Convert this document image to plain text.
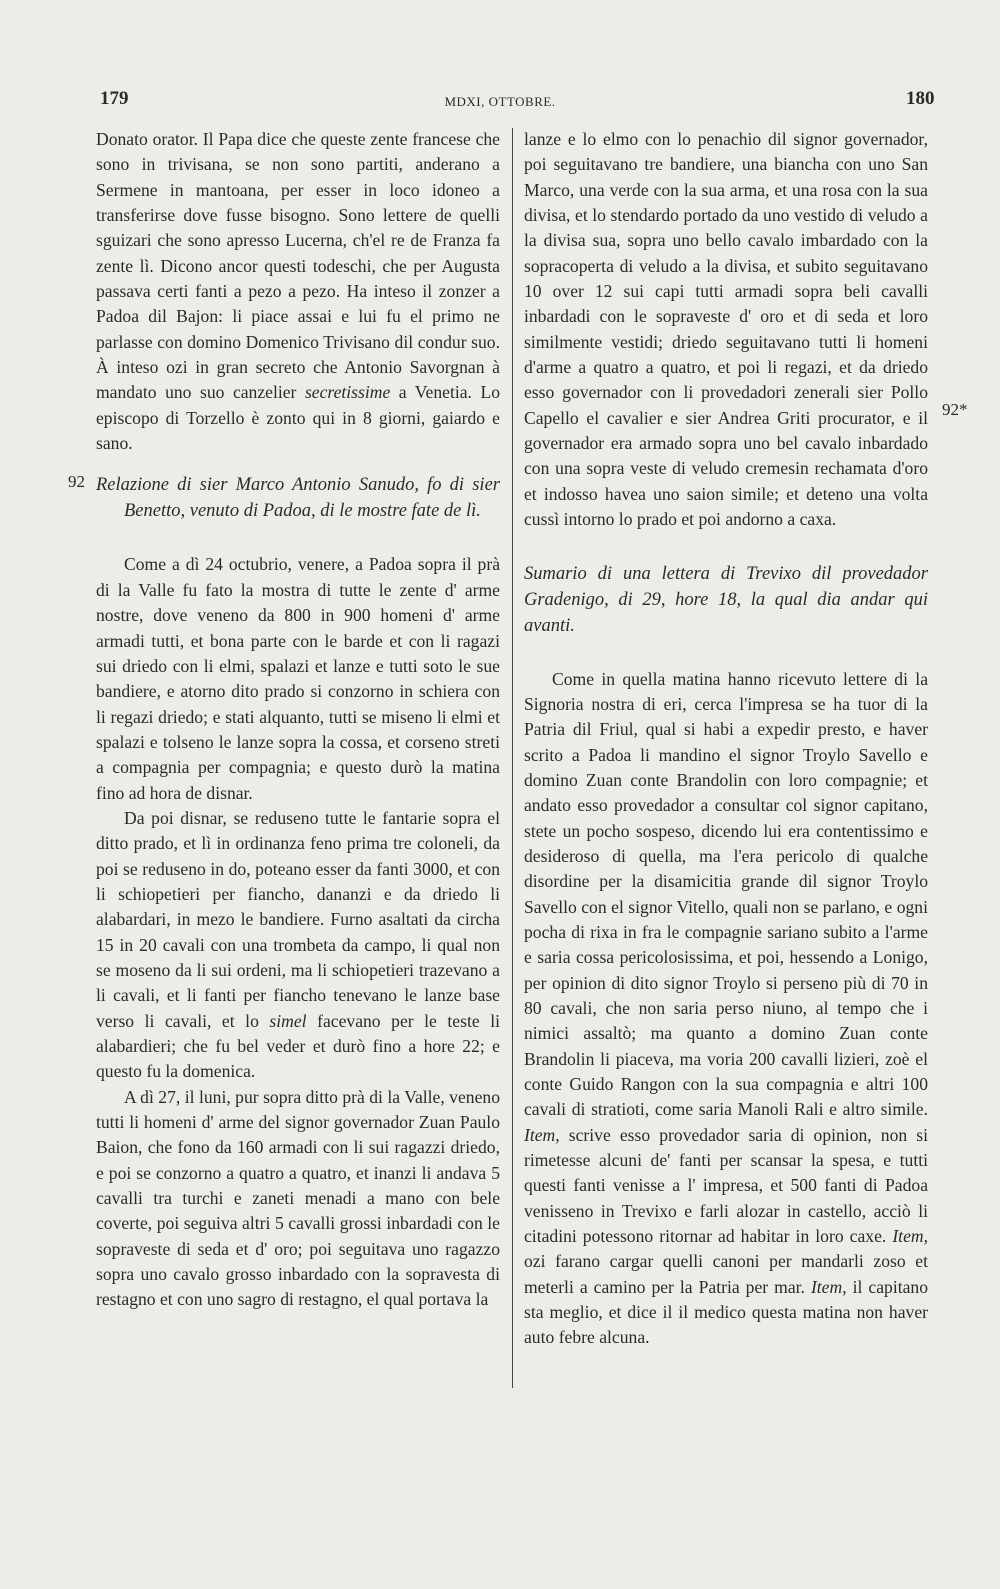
179	MDXI, OTTOBRE.	180
92
92*

Donato orator. Il Papa dice che queste zente francese che sono in trivisana, se non sono partiti, anderano a Sermene in mantoana, per esser in loco idoneo a transferirse dove fusse bisogno. Sono lettere de quelli sguizari che sono apresso Lucerna, ch'el re de Franza fa zente lì. Dicono ancor questi todeschi, che per Augusta passava certi fanti a pezo a pezo. Ha inteso il zonzer a Padoa dil Bajon: li piace assai e lui fu el primo ne parlasse con domino Domenico Trivisano dil condur suo. À inteso ozi in gran secreto che Antonio Savorgnan à mandato uno suo canzelier secretissime a Venetia. Lo episcopo di Torzello è zonto qui in 8 giorni, gaiardo e sano.

Relazione di sier Marco Antonio Sanudo, fo di sier Benetto, venuto di Padoa, di le mostre fate de lì.

Come a dì 24 octubrio, venere, a Padoa sopra il prà di la Valle fu fato la mostra di tutte le zente d' arme nostre, dove veneno da 800 in 900 homeni d' arme armadi tutti, et bona parte con le barde et con li ragazi sui driedo con li elmi, spalazi et lanze e tutti soto le sue bandiere, e atorno dito prado si conzorno in schiera con li regazi driedo; e stati alquanto, tutti se miseno li elmi et spalazi e tolseno le lanze sopra la cossa, et corseno streti a compagnia per compagnia; e questo durò la matina fino ad hora de disnar.

Da poi disnar, se reduseno tutte le fantarie sopra el ditto prado, et lì in ordinanza feno prima tre coloneli, da poi se reduseno in do, poteano esser da fanti 3000, et con li schiopetieri per fiancho, dananzi e da driedo li alabardari, in mezo le bandiere. Furno asaltati da circha 15 in 20 cavali con una trombeta da campo, li qual non se moseno da li sui ordeni, ma li schiopetieri trazevano a li cavali, et li fanti per fiancho tenevano le lanze base verso li cavali, et lo simel facevano per le teste li alabardieri; che fu bel veder et durò fino a hore 22; e questo fu la domenica.

A dì 27, il luni, pur sopra ditto prà di la Valle, veneno tutti li homeni d' arme del signor governador Zuan Paulo Baion, che fono da 160 armadi con li sui ragazzi driedo, e poi se conzorno a quatro a quatro, et inanzi li andava 5 cavalli tra turchi e zaneti menadi a mano con bele coverte, poi seguiva altri 5 cavalli grossi inbardadi con le sopraveste di seda et d' oro; poi seguitava uno ragazzo sopra uno cavalo grosso inbardado con la sopravesta di restagno et con uno sagro di restagno, el qual portava la

lanze e lo elmo con lo penachio dil signor governador, poi seguitavano tre bandiere, una biancha con uno San Marco, una verde con la sua arma, et una rosa con la sua divisa, et lo stendardo portado da uno vestido di veludo a la divisa sua, sopra uno bello cavalo imbardado con la sopracoperta di veludo a la divisa, et subito seguitavano 10 over 12 sui capi tutti armadi sopra beli cavalli inbardadi con le sopraveste d' oro et di seda et loro similmente vestidi; driedo seguitavano tutti li homeni d'arme a quatro a quatro, et poi li regazi, et da driedo esso governador con li provedadori zenerali sier Pollo Capello el cavalier e sier Andrea Griti procurator, e il governador era armado sopra uno bel cavalo inbardado con una sopra veste di veludo cremesin rechamata d'oro et indosso havea uno saion simile; et deteno una volta cussì intorno lo prado et poi andorno a caxa.

Sumario di una lettera di Trevixo dil provedador Gradenigo, di 29, hore 18, la qual dia andar qui avanti.

Come in quella matina hanno ricevuto lettere di la Signoria nostra di eri, cerca l'impresa se ha tuor di la Patria dil Friul, qual si habi a expedir presto, e haver scrito a Padoa li mandino el signor Troylo Savello e domino Zuan conte Brandolin con loro compagnie; et andato esso provedador a consultar col signor capitano, stete un pocho sospeso, dicendo lui era contentissimo e desideroso di quella, ma l'era pericolo di qualche disordine per la disamicitia grande dil signor Troylo Savello con el signor Vitello, quali non se parlano, e ogni pocha di rixa in fra le compagnie sariano subito a l'arme e saria cossa pericolosissima, et poi, hessendo a Lonigo, per opinion di dito signor Troylo si perseno più di 70 in 80 cavali, che non saria perso niuno, al tempo che i nimici assaltò; ma quanto a domino Zuan conte Brandolin li piaceva, ma voria 200 cavalli lizieri, zoè el conte Guido Rangon con la sua compagnia e altri 100 cavali di stratioti, come saria Manoli Rali e altro simile. Item, scrive esso provedador saria di opinion, non si rimetesse alcuni de' fanti per scansar la spesa, e tutti questi fanti venisse a l' impresa, et 500 fanti di Padoa venisseno in Trevixo e farli alozar in castello, acciò li citadini potessono ritornar ad habitar in loro caxe. Item, ozi farano cargar quelli canoni per mandarli zoso et meterli a camino per la Patria per mar. Item, il capitano sta meglio, et dice il il medico questa matina non haver auto febre alcuna.
